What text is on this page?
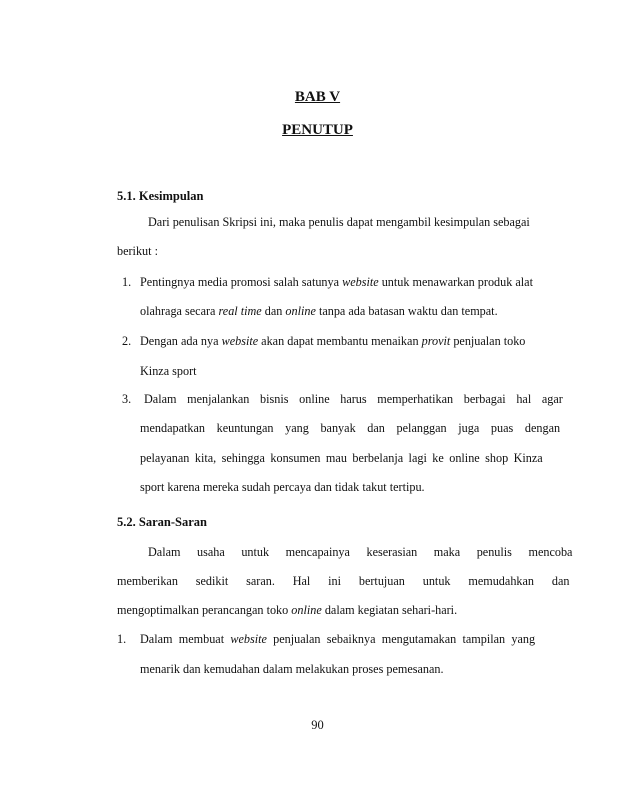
BAB V
PENUTUP
5.1. Kesimpulan
Dari penulisan Skripsi ini, maka penulis dapat mengambil kesimpulan sebagai
berikut :
1. Pentingnya media promosi salah satunya website untuk menawarkan produk alat
olahraga secara real time dan online tanpa ada batasan waktu dan tempat.
2. Dengan ada nya website akan dapat membantu menaikan provit penjualan toko
Kinza sport
3. Dalam menjalankan bisnis online harus memperhatikan berbagai hal agar
mendapatkan keuntungan yang banyak dan pelanggan juga puas dengan
pelayanan kita, sehingga konsumen mau berbelanja lagi ke online shop Kinza
sport karena mereka sudah percaya dan tidak takut tertipu.
5.2. Saran-Saran
Dalam usaha untuk mencapainya keserasian maka penulis mencoba
memberikan sedikit saran. Hal ini bertujuan untuk memudahkan dan
mengoptimalkan perancangan toko online dalam kegiatan sehari-hari.
1. Dalam membuat website penjualan sebaiknya mengutamakan tampilan yang
menarik dan kemudahan dalam melakukan proses pemesanan.
90
